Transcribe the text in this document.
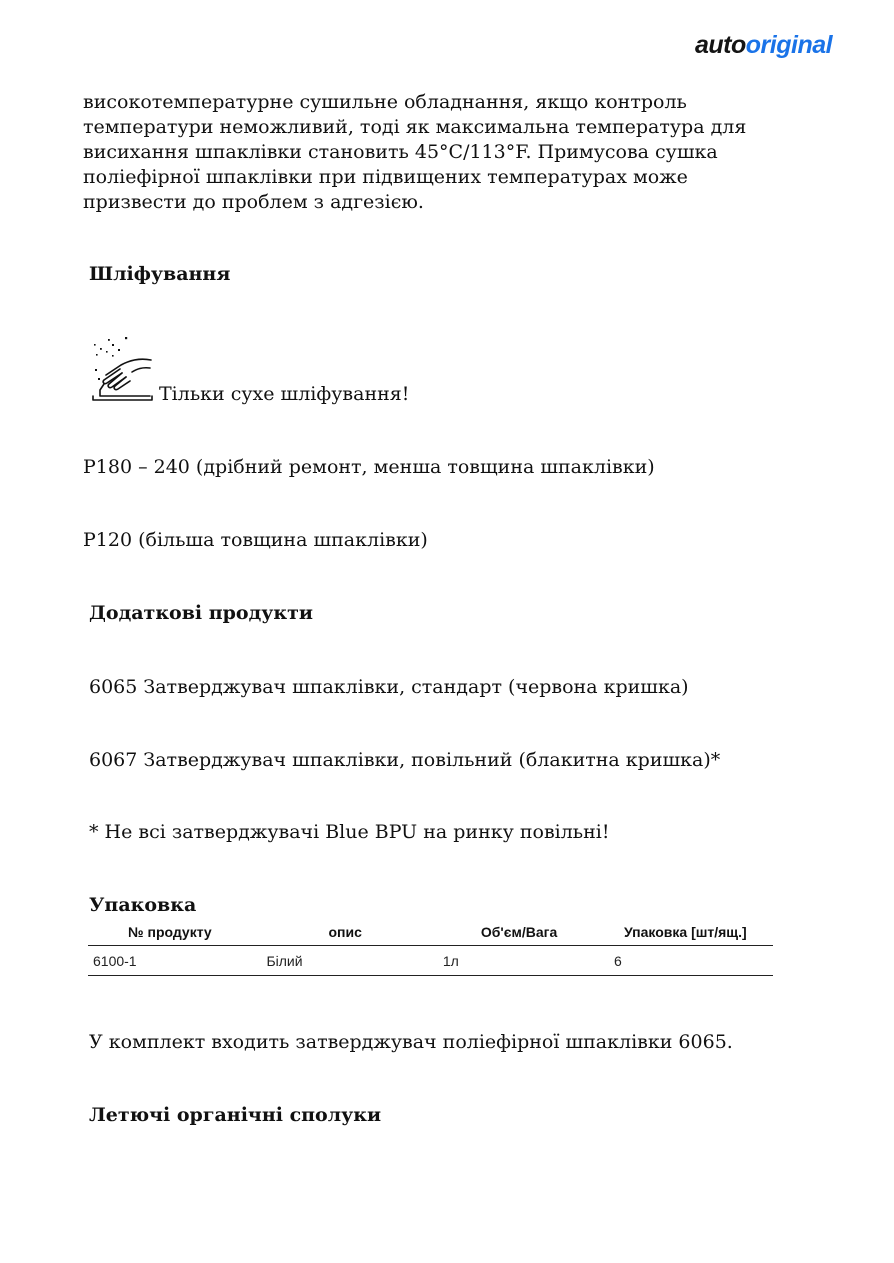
autooriginal

високотемпературне сушильне обладнання, якщо контроль температури неможливий, тоді як максимальна температура для висихання шпаклівки становить 45°C/113°F. Примусова сушка поліефірної шпаклівки при підвищених температурах може призвести до проблем з адгезією.

Шліфування
Тільки сухе шліфування!
P180 – 240 (дрібний ремонт, менша товщина шпаклівки)
P120 (більша товщина шпаклівки)
Додаткові продукти
6065 Затверджувач шпаклівки, стандарт (червона кришка)
6067 Затверджувач шпаклівки, повільний (блакитна кришка)*
* Не всі затверджувачі Blue BPU на ринку повільні!
Упаковка
№ продукту	опис	Об'єм/Вага	Упаковка [шт/ящ.]
6100-1	Білий	1л	6
У комплект входить затверджувач поліефірної шпаклівки 6065.
Летючі органічні сполуки
